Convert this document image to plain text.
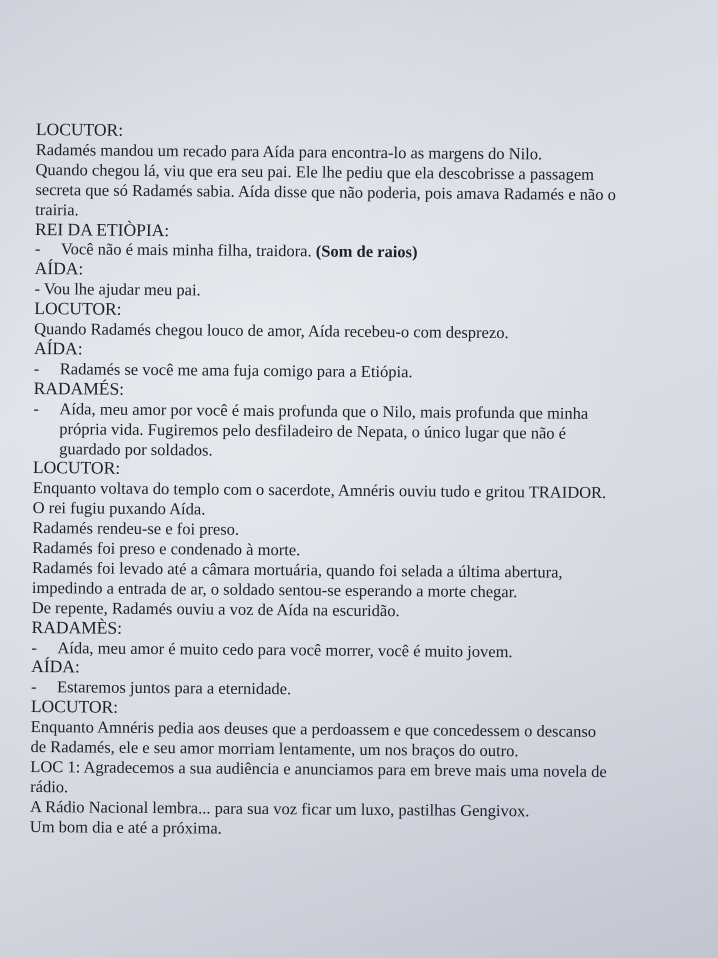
LOCUTOR:
Radamés mandou um recado para Aída para encontra-lo as margens do Nilo.
Quando chegou lá, viu que era seu pai. Ele lhe pediu que ela descobrisse a passagem
secreta que só Radamés sabia. Aída disse que não poderia, pois amava Radamés e não o
trairia.
REI DA ETIÒPIA:
- Você não é mais minha filha, traidora. (Som de raios)
AÍDA:
- Vou lhe ajudar meu pai.
LOCUTOR:
Quando Radamés chegou louco de amor, Aída recebeu-o com desprezo.
AÍDA:
- Radamés se você me ama fuja comigo para a Etiópia.
RADAMÉS:
- Aída, meu amor por você é mais profunda que o Nilo, mais profunda que minha
própria vida. Fugiremos pelo desfiladeiro de Nepata, o único lugar que não é
guardado por soldados.
LOCUTOR:
Enquanto voltava do templo com o sacerdote, Amnéris ouviu tudo e gritou TRAIDOR.
O rei fugiu puxando Aída.
Radamés rendeu-se e foi preso.
Radamés foi preso e condenado à morte.
Radamés foi levado até a câmara mortuária, quando foi selada a última abertura,
impedindo a entrada de ar, o soldado sentou-se esperando a morte chegar.
De repente, Radamés ouviu a voz de Aída na escuridão.
RADAMÈS:
- Aída, meu amor é muito cedo para você morrer, você é muito jovem.
AÍDA:
- Estaremos juntos para a eternidade.
LOCUTOR:
Enquanto Amnéris pedia aos deuses que a perdoassem e que concedessem o descanso
de Radamés, ele e seu amor morriam lentamente, um nos braços do outro.
LOC 1: Agradecemos a sua audiência e anunciamos para em breve mais uma novela de
rádio.
A Rádio Nacional lembra... para sua voz ficar um luxo, pastilhas Gengivox.
Um bom dia e até a próxima.
